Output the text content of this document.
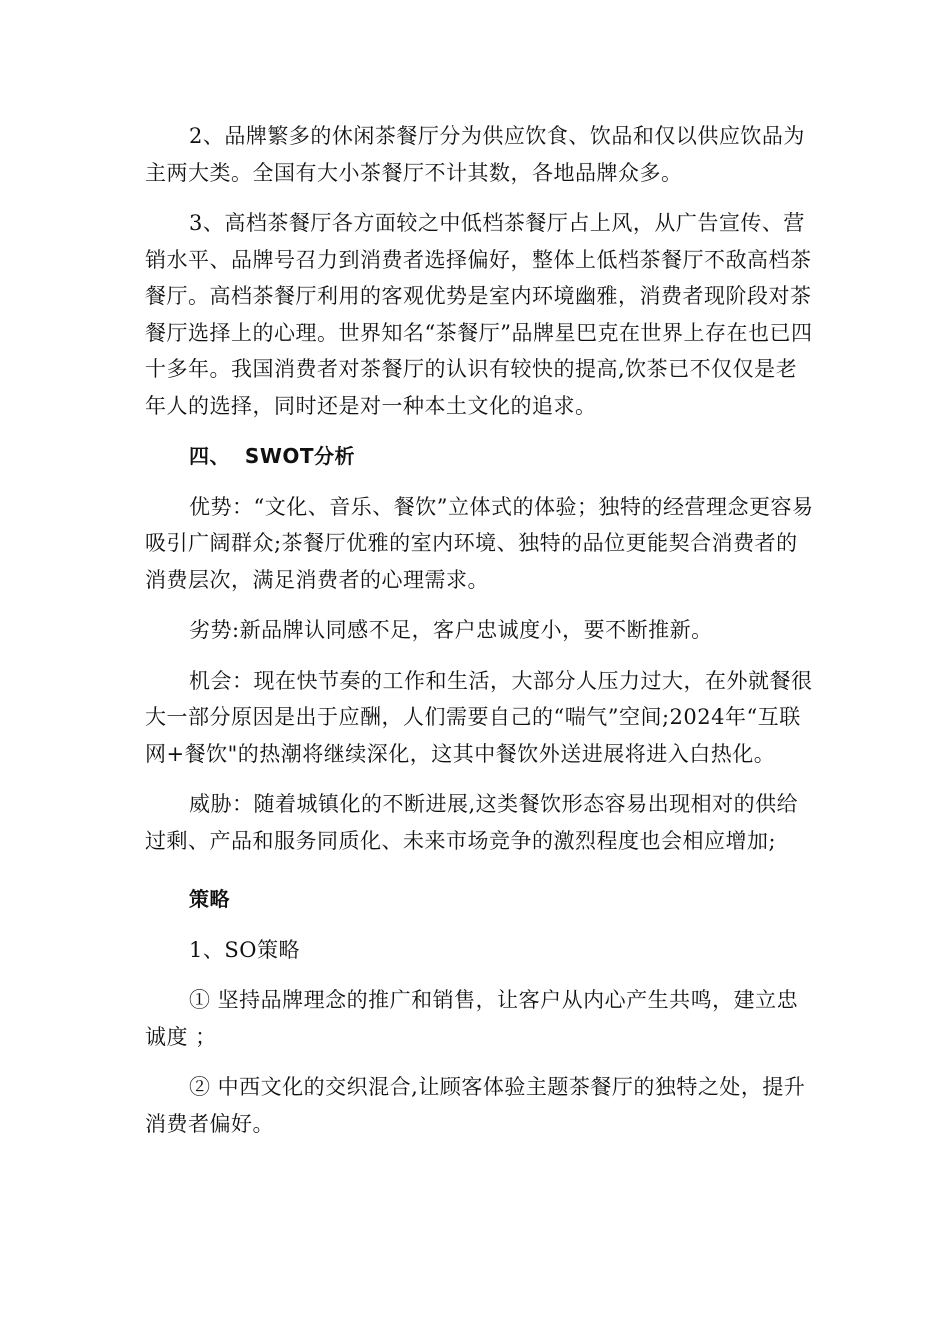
2、品牌繁多的休闲茶餐厅分为供应饮食、饮品和仅以供应饮品为主两大类。全国有大小茶餐厅不计其数，各地品牌众多。

3、高档茶餐厅各方面较之中低档茶餐厅占上风，从广告宣传、营销水平、品牌号召力到消费者选择偏好，整体上低档茶餐厅不敌高档茶餐厅。高档茶餐厅利用的客观优势是室内环境幽雅，消费者现阶段对茶餐厅选择上的心理。世界知名“茶餐厅”品牌星巴克在世界上存在也已四十多年。我国消费者对茶餐厅的认识有较快的提高,饮茶已不仅仅是老年人的选择，同时还是对一种本土文化的追求。

四、  SWOT分析

优势：“文化、音乐、餐饮”立体式的体验；独特的经营理念更容易吸引广阔群众;茶餐厅优雅的室内环境、独特的品位更能契合消费者的消费层次，满足消费者的心理需求。

劣势:新品牌认同感不足，客户忠诚度小，要不断推新。

机会：现在快节奏的工作和生活，大部分人压力过大，在外就餐很大一部分原因是出于应酬，人们需要自己的“喘气”空间;2024年“互联网+餐饮"的热潮将继续深化，这其中餐饮外送进展将进入白热化。

威胁：随着城镇化的不断进展,这类餐饮形态容易出现相对的供给过剩、产品和服务同质化、未来市场竞争的激烈程度也会相应增加;

策略

1、SO策略

① 坚持品牌理念的推广和销售，让客户从内心产生共鸣，建立忠诚度 ；

② 中西文化的交织混合,让顾客体验主题茶餐厅的独特之处，提升消费者偏好。
